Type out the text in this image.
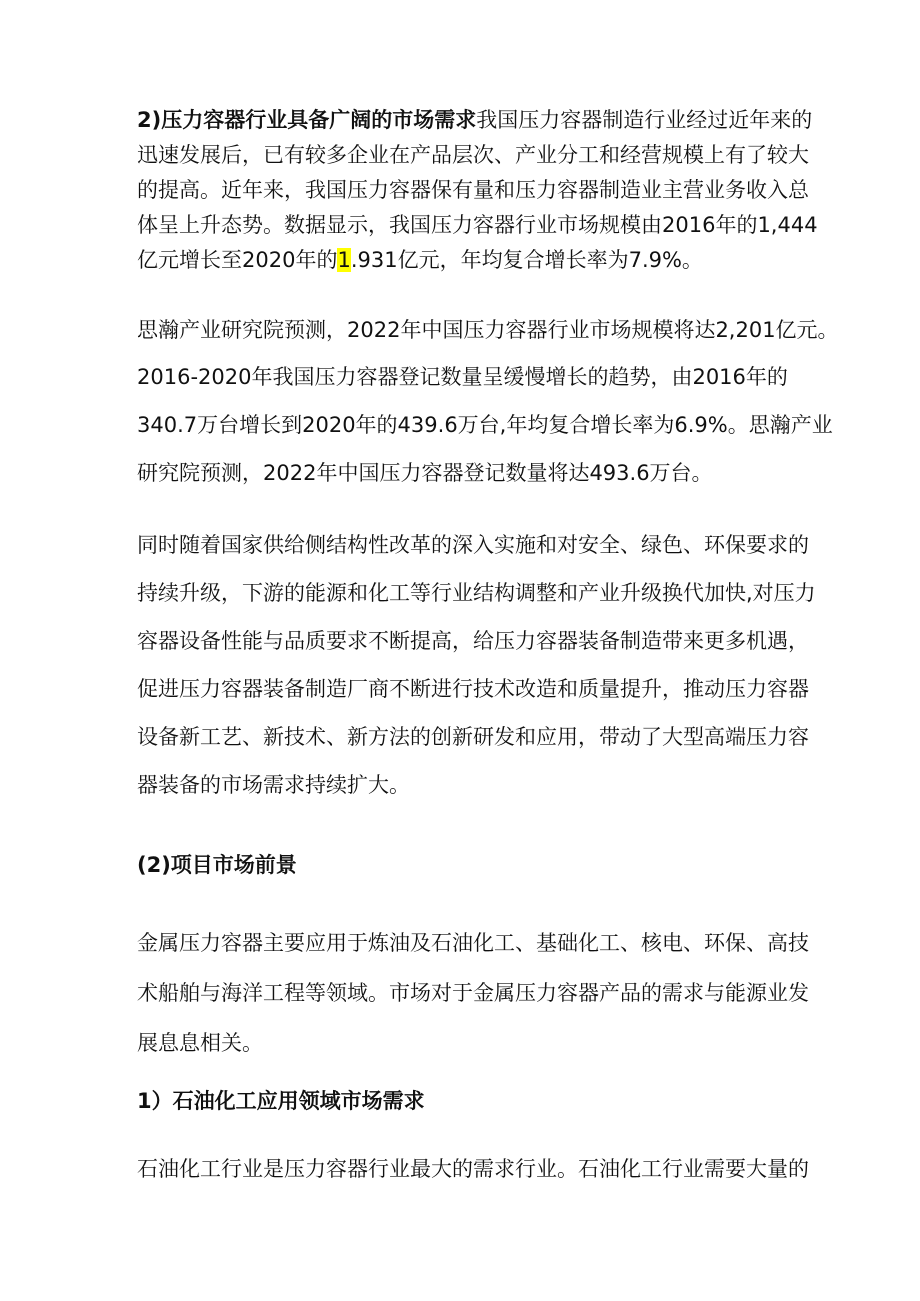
2)压力容器行业具备广阔的市场需求我国压力容器制造行业经过近年来的
迅速发展后，已有较多企业在产品层次、产业分工和经营规模上有了较大
的提高。近年来，我国压力容器保有量和压力容器制造业主营业务收入总
体呈上升态势。数据显示，我国压力容器行业市场规模由2016年的1,444
亿元增长至2020年的1.931亿元，年均复合增长率为7.9%。
思瀚产业研究院预测，2022年中国压力容器行业市场规模将达2,201亿元。
2016-2020年我国压力容器登记数量呈缓慢增长的趋势，由2016年的
340.7万台增长到2020年的439.6万台,年均复合增长率为6.9%。思瀚产业
研究院预测，2022年中国压力容器登记数量将达493.6万台。
同时随着国家供给侧结构性改革的深入实施和对安全、绿色、环保要求的
持续升级，下游的能源和化工等行业结构调整和产业升级换代加快,对压力
容器设备性能与品质要求不断提高，给压力容器装备制造带来更多机遇，
促进压力容器装备制造厂商不断进行技术改造和质量提升，推动压力容器
设备新工艺、新技术、新方法的创新研发和应用，带动了大型高端压力容
器装备的市场需求持续扩大。
(2)项目市场前景
金属压力容器主要应用于炼油及石油化工、基础化工、核电、环保、高技
术船舶与海洋工程等领域。市场对于金属压力容器产品的需求与能源业发
展息息相关。
1）石油化工应用领域市场需求
石油化工行业是压力容器行业最大的需求行业。石油化工行业需要大量的
